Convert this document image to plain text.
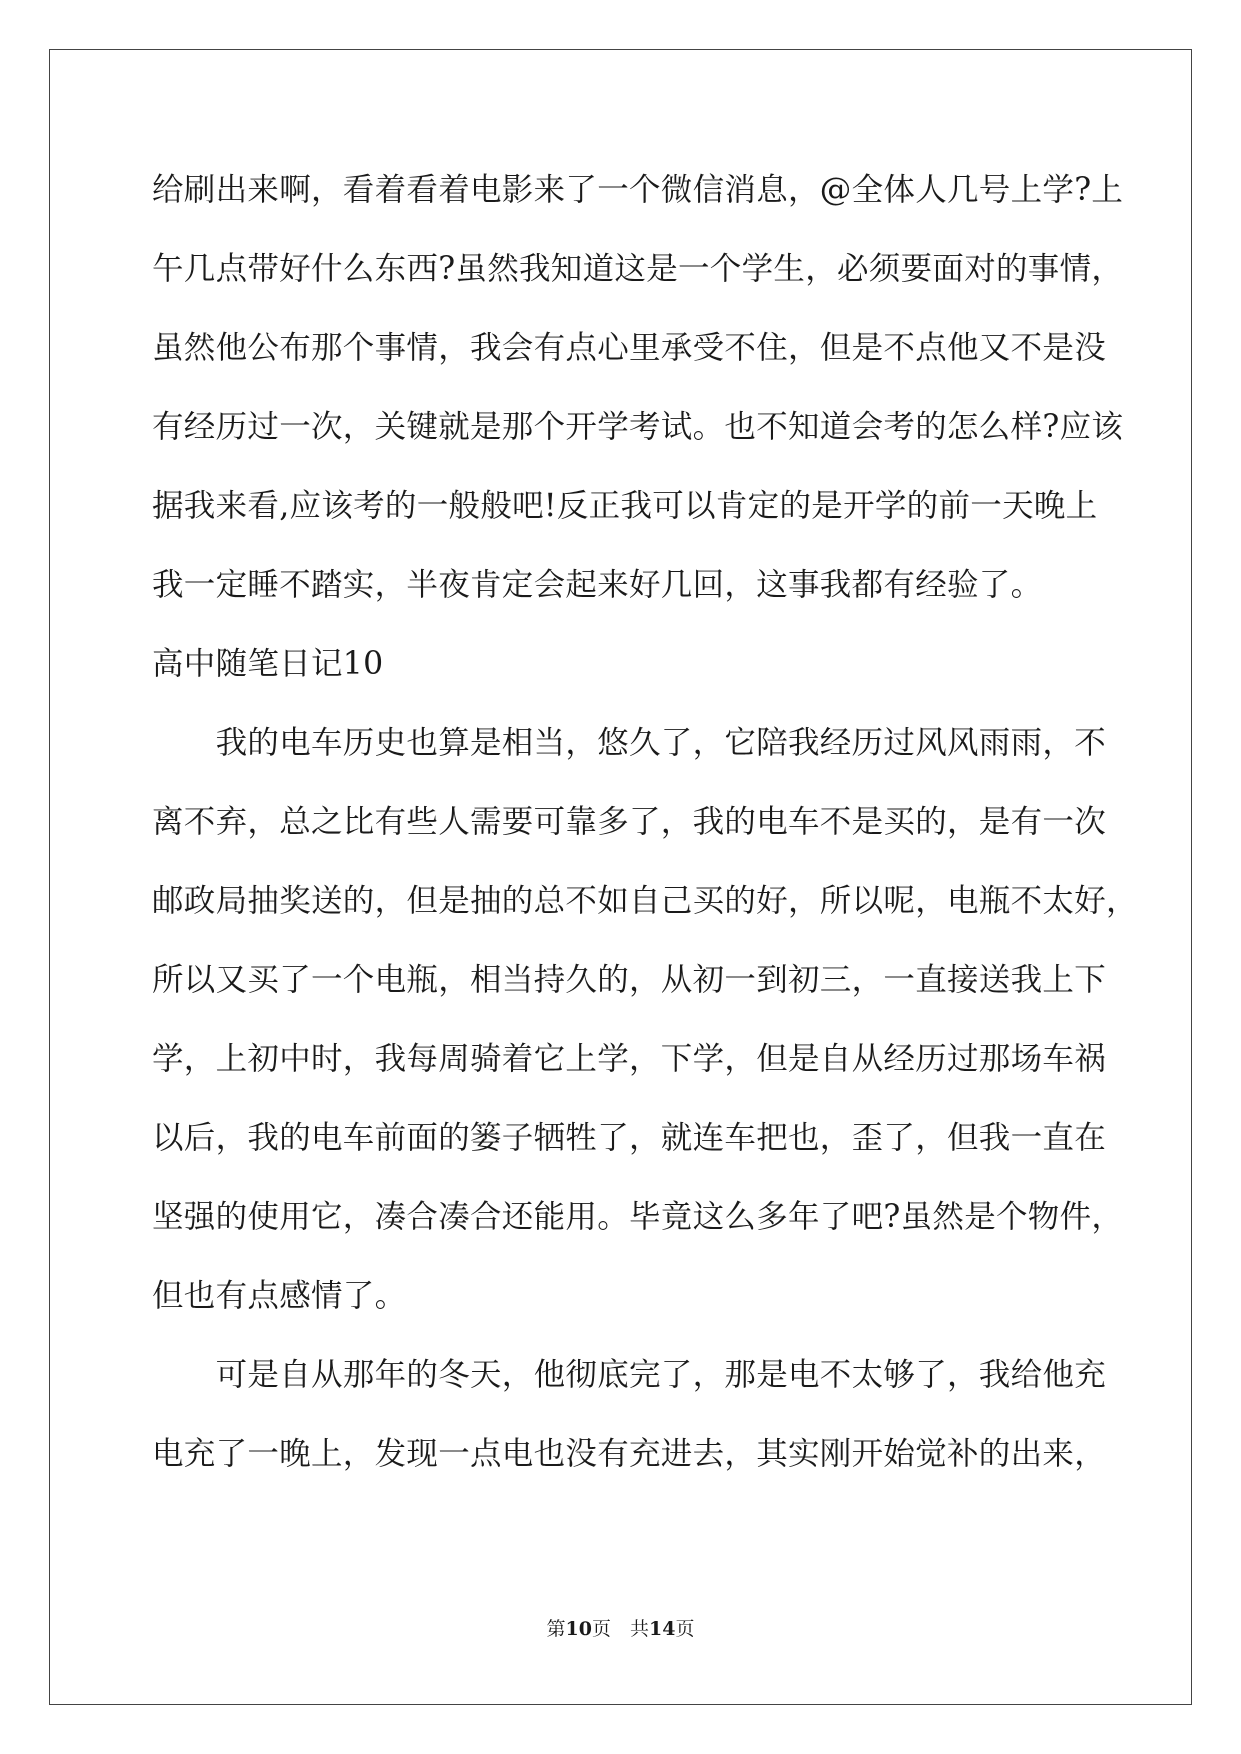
给刷出来啊，看着看着电影来了一个微信消息，@全体人几号上学?上
午几点带好什么东西?虽然我知道这是一个学生，必须要面对的事情，
虽然他公布那个事情，我会有点心里承受不住，但是不点他又不是没
有经历过一次，关键就是那个开学考试。也不知道会考的怎么样?应该
据我来看,应该考的一般般吧!反正我可以肯定的是开学的前一天晚上
我一定睡不踏实，半夜肯定会起来好几回，这事我都有经验了。
高中随笔日记10
　　我的电车历史也算是相当，悠久了，它陪我经历过风风雨雨，不
离不弃，总之比有些人需要可靠多了，我的电车不是买的，是有一次
邮政局抽奖送的，但是抽的总不如自己买的好，所以呢，电瓶不太好，
所以又买了一个电瓶，相当持久的，从初一到初三，一直接送我上下
学，上初中时，我每周骑着它上学，下学，但是自从经历过那场车祸
以后，我的电车前面的篓子牺牲了，就连车把也，歪了，但我一直在
坚强的使用它，凑合凑合还能用。毕竟这么多年了吧?虽然是个物件，
但也有点感情了。
　　可是自从那年的冬天，他彻底完了，那是电不太够了，我给他充
电充了一晚上，发现一点电也没有充进去，其实刚开始觉补的出来，
第10页　共14页
